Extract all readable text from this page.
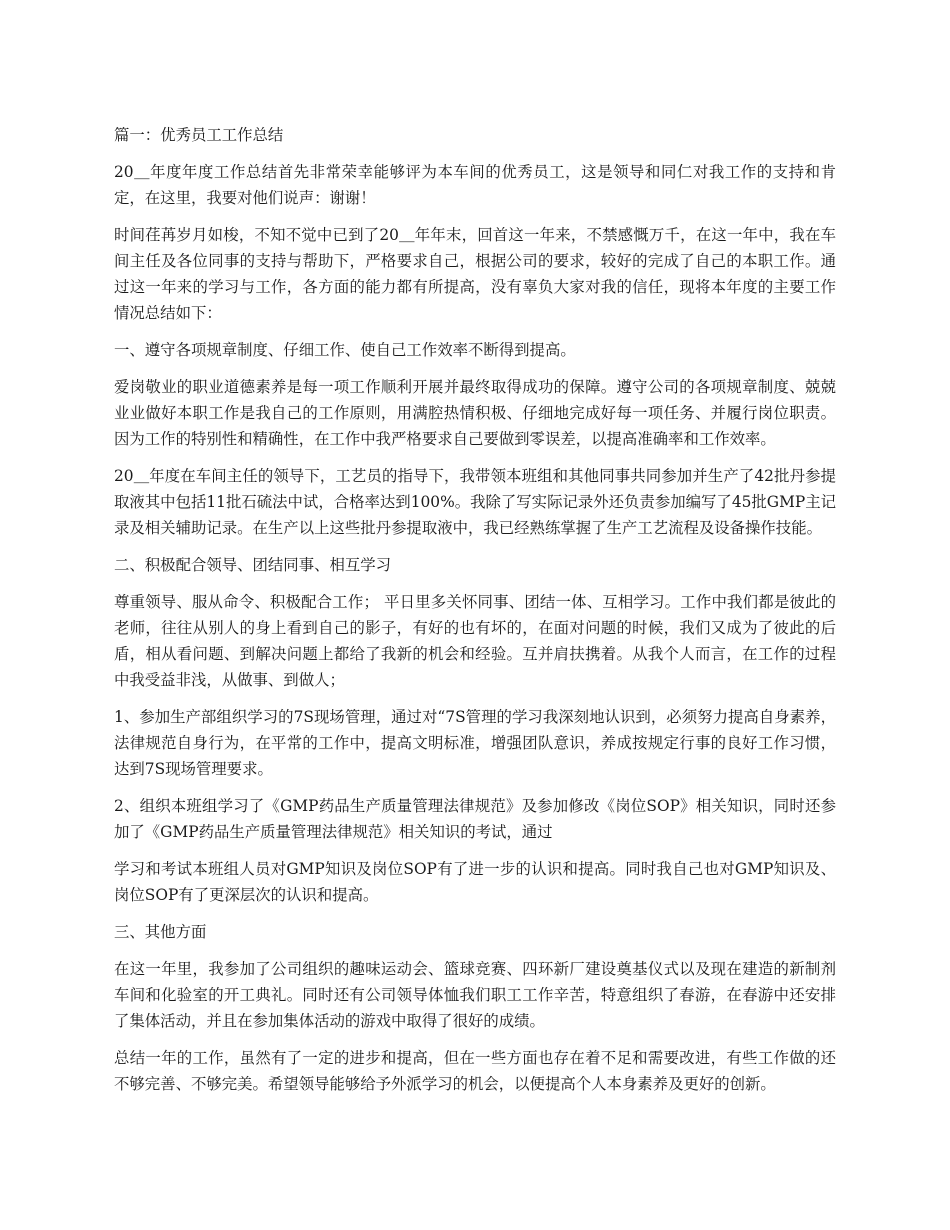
篇一：优秀员工工作总结

20＿年度年度工作总结首先非常荣幸能够评为本车间的优秀员工，这是领导和同仁对我工作的支持和肯定，在这里，我要对他们说声：谢谢！

时间荏苒岁月如梭，不知不觉中已到了20＿年年末，回首这一年来，不禁感慨万千，在这一年中，我在车间主任及各位同事的支持与帮助下，严格要求自己，根据公司的要求，较好的完成了自己的本职工作。通过这一年来的学习与工作，各方面的能力都有所提高，没有辜负大家对我的信任，现将本年度的主要工作情况总结如下：

一、遵守各项规章制度、仔细工作、使自己工作效率不断得到提高。

爱岗敬业的职业道德素养是每一项工作顺利开展并最终取得成功的保障。遵守公司的各项规章制度、兢兢业业做好本职工作是我自己的工作原则，用满腔热情积极、仔细地完成好每一项任务、并履行岗位职责。因为工作的特别性和精确性，在工作中我严格要求自己要做到零误差，以提高准确率和工作效率。

20＿年度在车间主任的领导下，工艺员的指导下，我带领本班组和其他同事共同参加并生产了42批丹参提取液其中包括11批石硫法中试，合格率达到100%。我除了写实际记录外还负责参加编写了45批GMP主记录及相关辅助记录。在生产以上这些批丹参提取液中，我已经熟练掌握了生产工艺流程及设备操作技能。

二、积极配合领导、团结同事、相互学习

尊重领导、服从命令、积极配合工作； 平日里多关怀同事、团结一体、互相学习。工作中我们都是彼此的老师，往往从别人的身上看到自己的影子，有好的也有坏的，在面对问题的时候，我们又成为了彼此的后盾，相从看问题、到解决问题上都给了我新的机会和经验。互并肩扶携着。从我个人而言，在工作的过程中我受益非浅，从做事、到做人；

1、参加生产部组织学习的7S现场管理，通过对“7S管理的学习我深刻地认识到，必须努力提高自身素养，法律规范自身行为，在平常的工作中，提高文明标准，增强团队意识，养成按规定行事的良好工作习惯，达到7S现场管理要求。

2、组织本班组学习了《GMP药品生产质量管理法律规范》及参加修改《岗位SOP》相关知识，同时还参加了《GMP药品生产质量管理法律规范》相关知识的考试，通过

学习和考试本班组人员对GMP知识及岗位SOP有了进一步的认识和提高。同时我自己也对GMP知识及、岗位SOP有了更深层次的认识和提高。

三、其他方面

在这一年里，我参加了公司组织的趣味运动会、篮球竞赛、四环新厂建设奠基仪式以及现在建造的新制剂车间和化验室的开工典礼。同时还有公司领导体恤我们职工工作辛苦，特意组织了春游，在春游中还安排了集体活动，并且在参加集体活动的游戏中取得了很好的成绩。

总结一年的工作，虽然有了一定的进步和提高，但在一些方面也存在着不足和需要改进，有些工作做的还不够完善、不够完美。希望领导能够给予外派学习的机会，以便提高个人本身素养及更好的创新。
